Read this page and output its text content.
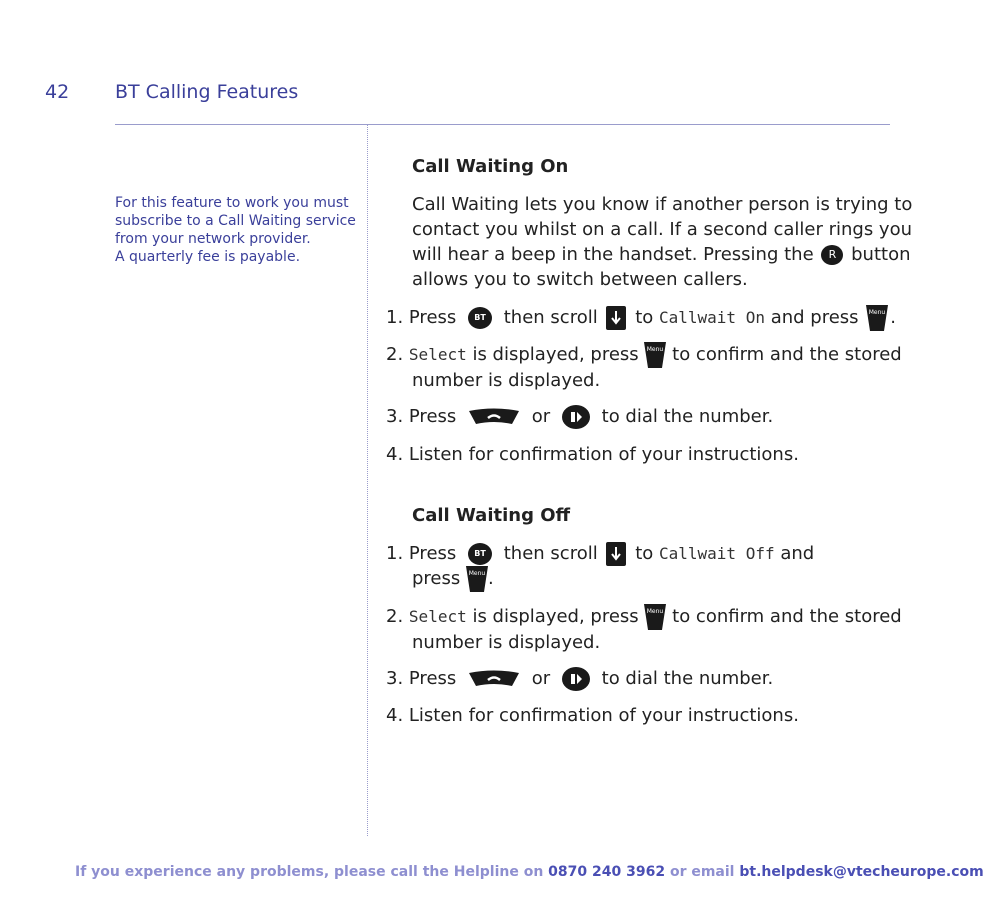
42 BT Calling Features
For this feature to work you must
subscribe to a Call Waiting service
from your network provider.
A quarterly fee is payable.
Call Waiting On
Call Waiting lets you know if another person is trying to
contact you whilst on a call. If a second caller rings you
will hear a beep in the handset. Pressing the R button
allows you to switch between callers.
1. Press BT then scroll to Callwait On and press Menu .
2. Select is displayed, press Menu to confirm and the stored
number is displayed.
3. Press	or	to dial the number.
4. Listen for confirmation of your instructions.
Call Waiting Off
1. Press BT then scroll to Callwait Off and
press Menu .
2. Select is displayed, press Menu to confirm and the stored
number is displayed.
3. Press	or	to dial the number.
4. Listen for confirmation of your instructions.
If you experience any problems, please call the Helpline on 0870 240 3962 or email bt.helpdesk@vtecheurope.com
